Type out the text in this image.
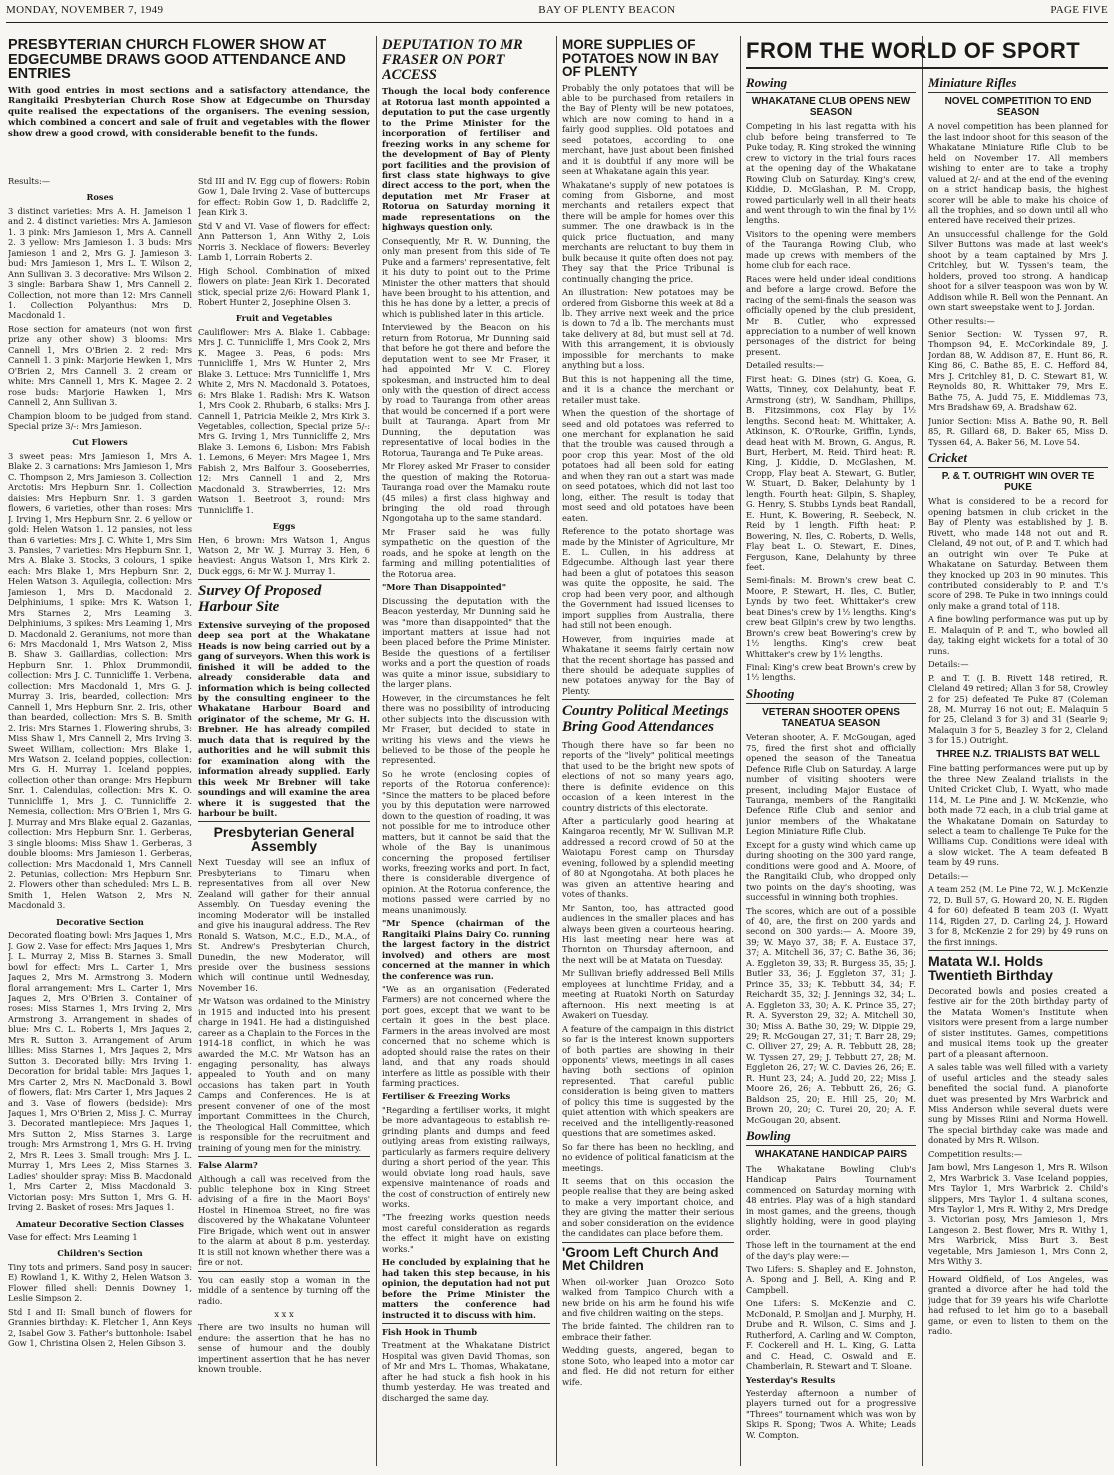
MONDAY, NOVEMBER 7, 1949	BAY OF PLENTY BEACON	PAGE FIVE
PRESBYTERIAN CHURCH FLOWER SHOW AT EDGECUMBE DRAWS GOOD ATTENDANCE AND ENTRIES

With good entries in most sections and a satisfactory attendance, the Rangitaiki Presbyterian Church Rose Show at Edgecumbe on Thursday quite realised the expectations of the organisers. The evening session, which combined a concert and sale of fruit and vegetables with the flower show drew a good crowd, with considerable benefit to the funds.

Results:—

Roses

3 distinct varieties: Mrs A. H. Jameison 1 and 2. 4 distinct varieties: Mrs A. Jamieson 1. 3 pink: Mrs Jamieson 1, Mrs A. Cannell 2. 3 yellow: Mrs Jamieson 1. 3 buds: Mrs Jamieson 1 and 2, Mrs G. J. Jamieson 3. bud: Mrs Jamieson 1, Mrs L. T. Wilson 2, Ann Sullivan 3. 3 decorative: Mrs Wilson 2. 3 single: Barbara Shaw 1, Mrs Cannell 2. Collection, not more than 12: Mrs Cannell 1. Collection Polyanthus: Mrs D. Macdonald 1.

Rose section for amateurs (not won first prize any other show) 3 blooms: Mrs Cannell 1, Mrs O'Brien 2. 2 red: Mrs Cannell 1. 3 pink: Marjorie Hewken 1, Mrs O'Brien 2, Mrs Cannell 3. 2 cream or white: Mrs Cannell 1, Mrs K. Magee 2. 2 rose buds: Marjorie Hawken 1, Mrs Cannell 2, Ann Sullivan 3.

Champion bloom to be judged from stand. Special prize 3/-: Mrs Jamieson.

Cut Flowers

3 sweet peas: Mrs Jamieson 1, Mrs A. Blake 2. 3 carnations: Mrs Jamieson 1, Mrs C. Thompson 2, Mrs Jamieson 3. Collection Arctotis: Mrs Hepburn Snr. 1. Collection daisies: Mrs Hepburn Snr. 1. 3 garden flowers, 6 varieties, other than roses: Mrs J. Irving 1, Mrs Hepburn Snr. 2. 6 yellow or gold: Helen Watson 1. 12 pansies, not less than 6 varieties: Mrs J. C. White 1, Mrs Sim 3. Pansies, 7 varieties: Mrs Hepburn Snr. 1, Mrs A. Blake 3. Stocks, 3 colours, 1 spike each: Mrs Blake 1, Mrs Hepburn Snr. 2, Helen Watson 3. Aquilegia, collection: Mrs Jamieson 1, Mrs D. Macdonald 2. Delphiniums, 1 spike: Mrs K. Watson 1, Mrs Starnes 2, Mrs Leaming 3. Delphiniums, 3 spikes: Mrs Leaming 1, Mrs D. Macdonald 2. Geraniums, not more than 6: Mrs Macdonald 1, Mrs Watson 2, Miss B. Shaw 3. Gaillardias, collection: Mrs Hepburn Snr. 1. Phlox Drummondii, collection: Mrs J. C. Tunnicliffe 1. Verbena, collection: Mrs Macdonald 1, Mrs G. J. Murray 3. Iris, bearded, collection: Mrs Cannell 1, Mrs Hepburn Snr. 2. Iris, other than bearded, collection: Mrs S. B. Smith 2. Iris: Mrs Starnes 1. Flowering shrubs, 3: Miss Shaw 1, Mrs Cannell 2, Mrs Irving 3. Sweet William, collection: Mrs Blake 1, Mrs Watson 2. Iceland poppies, collection: Mrs G. H. Murray 1. Iceland poppies, collection other than orange: Mrs Hepburn Snr. 1. Calendulas, collection: Mrs K. O. Tunnicliffe 1, Mrs J. C. Tunnicliffe 2. Nemesia, collection: Mrs O'Brien 1, Mrs G. J. Murray and Mrs Blake equal 2. Gazanias, collection: Mrs Hepburn Snr. 1. Gerberas, 3 single blooms: Miss Shaw 1. Gerberas, 3 double blooms: Mrs Jamieson 1. Gerberas, collection: Mrs Macdonald 1, Mrs Cannell 2. Petunias, collection: Mrs Hepburn Snr. 2. Flowers other than scheduled: Mrs L. B. Smith 1, Helen Watson 2, Mrs N. Macdonald 3.

Decorative Section

Decorated floating bowl: Mrs Jaques 1, Mrs J. Gow 2. Vase for effect: Mrs Jaques 1, Mrs J. L. Murray 2, Miss B. Starnes 3. Small bowl for effect: Mrs L. Carter 1, Mrs Jaques 2, Mrs M. Armstrong 3. Modern floral arrangement: Mrs L. Carter 1, Mrs Jaques 2, Mrs O'Brien 3. Container of roses: Miss Starnes 1, Mrs Irving 2, Mrs Armstrong 3. Arrangement in shades of blue: Mrs C. L. Roberts 1, Mrs Jaques 2, Mrs R. Sutton 3. Arrangement of Arum lillies: Miss Starnes 1, Mrs Jaques 2, Mrs Sutton 3. Decorated billy: Mrs Irving 1. Decoration for bridal table: Mrs Jaques 1, Mrs Carter 2, Mrs N. MacDonald 3. Bowl of flowers, flat: Mrs Carter 1, Mrs Jaques 2 and 3. Vase of flowers (bedside): Mrs Jaques 1, Mrs O'Brien 2, Miss J. C. Murray 3. Decorated mantlepiece: Mrs Jaques 1, Mrs Sutton 2, Miss Starnes 3. Large trough: Mrs Armstrong 1, Mrs G. H. Irving 2, Mrs R. Lees 3. Small trough: Mrs J. L. Murray 1, Mrs Lees 2, Miss Starnes 3. Ladies' shoulder spray: Miss B. Macdonald 1, Mrs Carter 2, Miss Macdonald 3. Victorian posy: Mrs Sutton 1, Mrs G. H. Irving 2. Basket of roses: Mrs Jaques 1.

Amateur Decorative Section Classes

Vase for effect: Mrs Leaming 1

Children's Section

Tiny tots and primers. Sand posy in saucer: E) Rowland 1, K. Withy 2, Helen Watson 3. Flower filled shell: Dennis Downey 1, Leslie Simpson 2.

Std I and II: Small bunch of flowers for Grannies birthday: K. Fletcher 1, Ann Keys 2, Isabel Gow 3. Father's buttonhole: Isabel Gow 1, Christina Olsen 2, Helen Gibson 3.

Std III and IV. Egg cup of flowers: Robin Gow 1, Dale Irving 2. Vase of buttercups for effect: Robin Gow 1, D. Radcliffe 2, Jean Kirk 3.

Std V and VI. Vase of flowers for effect: Ann Patterson 1, Ann Withy 2, Lois Norris 3. Necklace of flowers: Beverley Lamb 1, Lorrain Roberts 2.

High School. Combination of mixed flowers on plate: Jean Kirk 1. Decorated stick, special prize 2/6: Howard Plank 1, Robert Hunter 2, Josephine Olsen 3.

Fruit and Vegetables

Cauliflower: Mrs A. Blake 1. Cabbage: Mrs J. C. Tunnicliffe 1, Mrs Cook 2, Mrs K. Magee 3. Peas, 6 pods: Mrs Tunnicliffe 1, Mrs W. Hunter 2, Mrs Blake 3. Lettuce: Mrs Tunnicliffe 1, Mrs White 2, Mrs N. Macdonald 3. Potatoes, 6: Mrs Blake 1. Radish: Mrs K. Watson 1, Mrs Cook 2. Rhubarb, 6 stalks: Mrs J. Cannell 1, Patricia Meikle 2, Mrs Kirk 3. Vegetables, collection, Special prize 5/-: Mrs G. Irving 1, Mrs Tunnicliffe 2, Mrs Blake 3. Lemons 6, Lisbon: Mrs Fabish 1. Lemons, 6 Meyer: Mrs Magee 1, Mrs Fabish 2, Mrs Balfour 3. Gooseberries, 12: Mrs Cannell 1 and 2, Mrs Macdonald 3. Strawberries, 12: Mrs Watson 1. Beetroot 3, round: Mrs Tunnicliffe 1.

Eggs

Hen, 6 brown: Mrs Watson 1, Angus Watson 2, Mr W. J. Murray 3. Hen, 6 heaviest: Angus Watson 1, Mrs Kirk 2. Duck eggs, 6: Mr W. J. Murray 1.

Survey Of Proposed Harbour Site

Extensive surveying of the proposed deep sea port at the Whakatane Heads is now being carried out by a gang of surveyors. When this work is finished it will be added to the already considerable data and information which is being collected by the consulting engineer to the Whakatane Harbour Board and originator of the scheme, Mr G. H. Brebner. He has already compiled much data that is required by the authorities and he will submit this for examination along with the information already supplied. Early this week Mr Brebner will take soundings and will examine the area where it is suggested that the harbour be built.

Presbyterian General Assembly

Next Tuesday will see an influx of Presbyterians to Timaru when representatives from all over New Zealand will gather for their annual Assembly. On Tuesday evening the incoming Moderator will be installed and give his inaugural address. The Rev Ronald S. Watson, M.C., E.D., M.A., of St. Andrew's Presbyterian Church, Dunedin, the new Moderator, will preside over the business sessions which will continue until Wednesday, November 16.

Mr Watson was ordained to the Ministry in 1915 and inducted into his present charge in 1941. He had a distinguished career as a Chaplain to the Forces in the 1914-18 conflict, in which he was awarded the M.C. Mr Watson has an engaging personality, has always appealed to Youth and on many occasions has taken part in Youth Camps and Conferences. He is at present convener of one of the most important Committees in the Church, the Theological Hall Committee, which is responsible for the recruitment and training of young men for the ministry.

False Alarm?

Although a call was received from the public telephone box in King Street advising of a fire in the Maori Boys' Hostel in Hinemoa Street, no fire was discovered by the Whakatane Volunteer Fire Brigade, which went out in answer to the alarm at about 8 p.m. yesterday. It is still not known whether there was a fire or not.

You can easily stop a woman in the middle of a sentence by turning off the radio.

x x x

There are two insults no human will endure: the assertion that he has no sense of humour and the doubly impertinent assertion that he has never known trouble.

DEPUTATION TO MR FRASER ON PORT ACCESS

Though the local body conference at Rotorua last month appointed a deputation to put the case urgently to the Prime Minister for the incorporation of fertiliser and freezing works in any scheme for the development of Bay of Plenty port facilities and the provision of first class state highways to give direct access to the port, when the deputation met Mr Fraser at Rotorua on Saturday morning it made representations on the highways question only.

Consequently, Mr R. W. Dunning, the only man present from this side of Te Puke and a farmers' representative, felt it his duty to point out to the Prime Minister the other matters that should have been brought to his attention, and this he has done by a letter, a precis of which is published later in this article.

Interviewed by the Beacon on his return from Rotorua, Mr Dunning said that before he got there and before the deputation went to see Mr Fraser, it had appointed Mr V. C. Florey spokesman, and instructed him to deal only with the question of direct access by road to Tauranga from other areas that would be concerned if a port were built at Tauranga. Apart from Mr Dunning, the deputation was representative of local bodies in the Rotorua, Tauranga and Te Puke areas.

Mr Florey asked Mr Fraser to consider the question of making the Rotorua-Tauranga road over the Mamaku route (45 miles) a first class highway and bringing the old road through Ngongotaha up to the same standard.

Mr Fraser said he was fully sympathetic on the question of the roads, and he spoke at length on the farming and milling potentialities of the Rotorua area.

"More Than Disappointed"

Discussing the deputation with the Beacon yesterday, Mr Dunning said he was "more than disappointed" that the important matters at issue had not been placed before the Prime Minister. Beside the questions of a fertiliser works and a port the question of roads was quite a minor issue, subsidiary to the larger plans.

However, in the circumstances he felt there was no possibility of introducing other subjects into the discussion with Mr Fraser, but decided to state in writing his views and the views he believed to be those of the people he represented.

So he wrote (enclosing copies of reports of the Rotorua conference): "Since the matters to be placed before you by this deputation were narrowed down to the question of roading, it was not possible for me to introduce other matters, but it cannot be said that the whole of the Bay is unanimous concerning the proposed fertiliser works, freezing works and port. In fact, there is considerable divergence of opinion. At the Rotorua conference, the motions passed were carried by no means unanimously.

"Mr Spence (chairman of the Rangitaiki Plains Dairy Co. running the largest factory in the district involved) and others are most concerned at the manner in which the conference was run.

"We as an organisation (Federated Farmers) are not concerned where the port goes, except that we want to be certain it goes in the best place. Farmers in the areas involved are most concerned that no scheme which is adopted should raise the rates on their land, and that any roads should interfere as little as possible with their farming practices.

Fertiliser & Freezing Works

"Regarding a fertiliser works, it might be more advantageous to establish re-grinding plants and dumps and feed outlying areas from existing railways, particularly as farmers require delivery during a short period of the year. This would obviate long road hauls, save expensive maintenance of roads and the cost of construction of entirely new works.

"The freezing works question needs most careful consideration as regards the effect it might have on existing works."

He concluded by explaining that he had taken this step because, in his opinion, the deputation had not put before the Prime Minister the matters the conference had instructed it to discuss with him.

Fish Hook in Thumb

Treatment at the Whakatane District Hospital was given David Thomas, son of Mr and Mrs L. Thomas, Whakatane, after he had stuck a fish hook in his thumb yesterday. He was treated and discharged the same day.

MORE SUPPLIES OF POTATOES NOW IN BAY OF PLENTY

Probably the only potatoes that will be able to be purchased from retailers in the Bay of Plenty will be new potatoes, which are now coming to hand in a fairly good supplies. Old potatoes and seed potatoes, according to one merchant, have just about been finished and it is doubtful if any more will be seen at Whakatane again this year.

Whakatane's supply of new potatoes is coming from Gisborne, and most merchants and retailers expect that there will be ample for homes over this summer. The one drawback is in the quick price fluctuation, and many merchants are reluctant to buy them in bulk because it quite often does not pay. They say that the Price Tribunal is continually changing the price.

An illustration: New potatoes may be ordered from Gisborne this week at 8d a lb. They arrive next week and the price is down to 7d a lb. The merchants must take delivery at 8d, but must sell at 7d. With this arrangement, it is obviously impossible for merchants to make anything but a loss.

But this is not happening all the time, and it is a chance the merchant or retailer must take.

When the question of the shortage of seed and old potatoes was referred to one merchant for explanation he said that the trouble was caused through a poor crop this year. Most of the old potatoes had all been sold for eating and when they ran out a start was made on seed potatoes, which did not last too long, either. The result is today that most seed and old potatoes have been eaten.

Reference to the potato shortage was made by the Minister of Agriculture, Mr E. L. Cullen, in his address at Edgecumbe. Although last year there had been a glut of potatoes this season was quite the opposite, he said. The crop had been very poor, and although the Government had issued licenses to import supplies from Australia, there had still not been enough.

However, from inquiries made at Whakatane it seems fairly certain now that the recent shortage has passed and there should be adequate supplies of new potatoes anyway for the Bay of Plenty.

Country Political Meetings Bring Good Attendances

Though there have so far been no reports of the "lively" political meetings that used to be the bright new spots of elections of not so many years ago, there is definite evidence on this occasion of a keen interest in the country districts of this electorate.

After a particularly good hearing at Kaingaroa recently, Mr W. Sullivan M.P. addressed a record crowd of 50 at the Waiotapu Forest camp on Thursday evening, followed by a splendid meeting of 80 at Ngongotaha. At both places he was given an attentive hearing and votes of thanks.

Mr Santon, too, has attracted good audiences in the smaller places and has always been given a courteous hearing. His last meeting near here was at Thornton on Thursday afternoon, and the next will be at Matata on Tuesday.

Mr Sullivan briefly addressed Bell Mills employees at lunchtime Friday, and a meeting at Ruatoki North on Saturday afternoon. His next meeting is at Awakeri on Tuesday.

A feature of the campaign in this district so far is the interest known supporters of both parties are showing in their opponents' views, meetings in all cases having both sections of opinion represented. That careful public consideration is being given to matters of policy this time is suggested by the quiet attention with which speakers are received and the intelligently-reasoned questions that are sometimes asked.

So far there has been no heckling, and no evidence of political fanaticism at the meetings.

It seems that on this occasion the people realise that they are being asked to make a very important choice, and they are giving the matter their serious and sober consideration on the evidence the candidates can place before them.

'Groom Left Church And Met Children

When oil-worker Juan Orozco Soto walked from Tampico Church with a new bride on his arm he found his wife and five children waiting on the steps.

The bride fainted. The children ran to embrace their father.

Wedding guests, angered, began to stone Soto, who leaped into a motor car and fled. He did not return for either wife.

FROM THE WORLD OF SPORT
Rowing
WHAKATANE CLUB OPENS NEW SEASON

Competing in his last regatta with his club before being transferred to Te Puke today, R. King stroked the winning crew to victory in the trial fours races at the opening day of the Whakatane Rowing Club on Saturday. King's crew, Kiddie, D. McGlashan, P. M. Cropp, rowed particularly well in all their heats and went through to win the final by 1½ lengths.

Visitors to the opening were members of the Tauranga Rowing Club, who made up crews with members of the home club for each race.

Races were held under ideal conditions and before a large crowd. Before the racing of the semi-finals the season was officially opened by the club president, Mr B. Cutler, who expressed appreciation to a number of well known personages of the district for being present.

Detailed results:—

First heat: G. Dines (str) G. Koea, G. Watts, Tinney, cox Delahunty, beat F. Armstrong (str), W. Sandham, Phillips, B. Fitzsimmons, cox Flay by 1½ lengths. Second heat: M. Whittaker, A. Atkinson, K. O'Rourke, Griffin, Lynds, dead heat with M. Brown, G. Angus, R. Burt, Herbert, M. Reid. Third heat: R. King, J. Kiddie, D. McGlashen, M. Cropp, Flay beat A. Stewart, G. Butler, W. Stuart, D. Baker, Delahunty by 1 length. Fourth heat: Gilpin, S. Shapley, G. Henry, S. Stubbs Lynds beat Randall, E. Hunt, K. Bowering, R. Seebeck, N. Reid by 1 length. Fifth heat: P. Bowering, N. Iles, C. Roberts, D. Wells, Flay beat L. O. Stewart, E. Dines, Ferguson, Kane, Delahunty by three feet.

Semi-finals: M. Brown's crew beat C. Moore, P. Stewart, H. Iles, C. Butler, Lynds by two feet. Whittaker's crew beat Dines's crew by 1½ lengths. King's crew beat Gilpin's crew by two lengths. Brown's crew beat Bowering's crew by 1½ lengths. King's crew beat Whittaker's crew by 1½ lengths.

Final: King's crew beat Brown's crew by 1½ lengths.

Shooting
VETERAN SHOOTER OPENS TANEATUA SEASON

Veteran shooter, A. F. McGougan, aged 75, fired the first shot and officially opened the season of the Taneatua Defence Rifle Club on Saturday. A large number of visiting shooters were present, including Major Eustace of Tauranga, members of the Rangitaiki Defence Rifle Club and senior and junior members of the Whakatane Legion Miniature Rifle Club.

Except for a gusty wind which came up during shooting on the 300 yard range, conditions were good and A. Moore, of the Rangitaiki Club, who dropped only two points on the day's shooting, was successful in winning both trophies.

The scores, which are out of a possible of 40, are, the first on 200 yards and second on 300 yards:— A. Moore 39, 39; W. Mayo 37, 38; F. A. Eustace 37, 37; A. Mitchell 36, 37; C. Bathe 36, 36; A. Eggleton 39, 33; R. Burgess 35, 35; J. Butler 33, 36; J. Eggleton 37, 31; J. Prince 35, 33; K. Tebbutt 34, 34; F. Reichardt 35, 32; J. Jennings 32, 34; L. A. Eggleton 33, 30; A. K. Prince 35, 27; R. A. Syverston 29, 32; A. Mitchell 30, 30; Miss A. Bathe 30, 29; W. Dippie 29, 29; R. McGougan 27, 31; T. Barr 28, 29; C. Olliver 27, 29; A. R. Tebbutt 28, 28; W. Tyssen 27, 29; J. Tebbutt 27, 28; M. Eggleton 26, 27; W. C. Davies 26, 26; E. R. Hunt 23, 24; A. Judd 20, 22; Miss J. Moore 26, 26; A. Tebbutt 26, 26; G. Baldson 25, 20; E. Hill 25, 20; M. Brown 20, 20; C. Turei 20, 20; A. F. McGougan 20, absent.

Bowling
WHAKATANE HANDICAP PAIRS

The Whakatane Bowling Club's Handicap Pairs Tournament commenced on Saturday morning with 48 entries. Play was of a high standard in most games, and the greens, though slightly holding, were in good playing order.

Those left in the tournament at the end of the day's play were:—

Two Lifers: S. Shapley and E. Johnston, A. Spong and J. Bell, A. King and P. Campbell.

One Lifers: S. McKenzie and C. McDonald, P. Smoljan and J. Murphy, H. Drube and R. Wilson, C. Sims and J. Rutherford, A. Carling and W. Compton, F. Cockerell and H. L. King, G. Latta and C. Head, C. Oswald and E. Chamberlain, R. Stewart and T. Sloane.

Yesterday's Results

Yesterday afternoon a number of players turned out for a progressive "Threes" tournament which was won by Skips R. Spong; Twos A. White; Leads W. Compton.

Miniature Rifles
NOVEL COMPETITION TO END SEASON

A novel competition has been planned for the last indoor shoot for this season of the Whakatane Miniature Rifle Club to be held on November 17. All members wishing to enter are to take a trophy valued at 2/- and at the end of the evening on a strict handicap basis, the highest scorer will be able to make his choice of all the trophies, and so down until all who entered have received their prizes.

An unsuccessful challenge for the Gold Silver Buttons was made at last week's shoot by a team captained by Mrs J. Critchley, but W. Tyssen's team, the holders, proved too strong. A handicap shoot for a silver teaspoon was won by W. Addison while R. Bell won the Pennant. An own start sweepstake went to J. Jordan.

Other results:—

Senior Section: W. Tyssen 97, R. Thompson 94, E. McCorkindale 89, J. Jordan 88, W. Addison 87, E. Hunt 86, R. King 86, C. Bathe 85, E. C. Hefford 84, Mrs J. Critchley 81, D. C. Stewart 81, W. Reynolds 80, R. Whittaker 79, Mrs E. Bathe 75, A. Judd 75, E. Middlemas 73, Mrs Bradshaw 69, A. Bradshaw 62.

Junior Section: Miss A. Bathe 90, R. Bell 85, R. Gillard 68, D. Baker 65, Miss D. Tyssen 64, A. Baker 56, M. Love 54.

Cricket
P. & T. OUTRIGHT WIN OVER TE PUKE

What is considered to be a record for opening batsmen in club cricket in the Bay of Plenty was established by J. B. Rivett, who made 148 not out and R. Cleland, 49 not out, of P. and T. which had an outright win over Te Puke at Whakatane on Saturday. Between them they knocked up 203 in 90 minutes. This contributed considerably to P. and T.'s score of 298. Te Puke in two innings could only make a grand total of 118.

A fine bowling performance was put up by E. Malaquin of P. and T., who bowled all day, taking eight wickets for a total of 30 runs.

Details:—

P. and T. (J. B. Rivett 148 retired, R. Cleland 49 retired; Allan 3 for 58, Crowley 2 for 25) defeated Te Puke 87 (Coleman 28, M. Murray 16 not out; E. Malaquin 5 for 25, Cleland 3 for 3) and 31 (Searle 9; Malaquin 3 for 5, Beazley 3 for 2, Cleland 3 for 15.) Outright.

THREE N.Z. TRIALISTS BAT WELL

Fine batting performances were put up by the three New Zealand trialists in the United Cricket Club, I. Wyatt, who made 114, M. Le Pine and J. W. McKenzie, who both made 72 each, in a club trial game at the Whakatane Domain on Saturday to select a team to challenge Te Puke for the Williams Cup. Conditions were ideal with a slow wicket. The A team defeated B team by 49 runs.

Details:—

A team 252 (M. Le Pine 72, W. J. McKenzie 72, D. Bull 57, G. Howard 20, N. E. Rigden 4 for 60) defeated B team 203 (I. Wyatt 114, Rigden 27, D. Carling 24, J. Howard 3 for 8, McKenzie 2 for 29) by 49 runs on the first innings.

Matata W.I. Holds Twentieth Birthday

Decorated bowls and posies created a festive air for the 20th birthday party of the Matata Women's Institute when visitors were present from a large number of sister institutes. Games, competitions and musical items took up the greater part of a pleasant afternoon.

A sales table was well filled with a variety of useful articles and the steady sales benefited the social fund. A pianoforte duet was presented by Mrs Warbrick and Miss Anderson while several duets were sung by Misses Riini and Norma Howell. The special birthday cake was made and donated by Mrs R. Wilson.

Competition results:—

Jam bowl, Mrs Langeson 1, Mrs R. Wilson 2, Mrs Warbrick 3. Vase Iceland poppies, Mrs Taylor 1, Mrs Warbrick 2. Child's slippers, Mrs Taylor 1. 4 sultana scones, Mrs Taylor 1, Mrs R. Withy 2, Mrs Dredge 3. Victorian posy, Mrs Jamieson 1, Mrs Langeson 2. Best flower, Mrs R. Withy 1, Mrs Warbrick, Miss Burt 3. Best vegetable, Mrs Jamieson 1, Mrs Conn 2, Mrs Withy 3.

Howard Oldfield, of Los Angeles, was granted a divorce after he had told the judge that for 39 years his wife Charlotte had refused to let him go to a baseball game, or even to listen to them on the radio.
